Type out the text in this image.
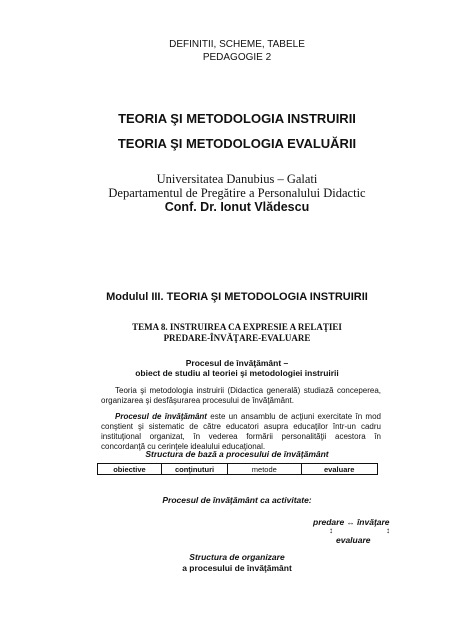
DEFINITII, SCHEME, TABELE
PEDAGOGIE 2
TEORIA ŞI METODOLOGIA INSTRUIRII
TEORIA ŞI METODOLOGIA EVALUĂRII
Universitatea Danubius – Galati
Departamentul de Pregătire a Personalului Didactic
Conf. Dr. Ionut Vlădescu
Modulul III. TEORIA ŞI METODOLOGIA INSTRUIRII
TEMA 8. INSTRUIREA CA EXPRESIE A RELAŢIEI
PREDARE-ÎNVĂŢARE-EVALUARE
Procesul de învăţământ –
obiect de studiu al teoriei şi metodologiei instruirii
Teoria şi metodologia instruirii (Didactica generală) studiază conceperea, organizarea şi desfăşurarea procesului de învăţământ.
Procesul de învăţământ este un ansamblu de acţiuni exercitate în mod conştient şi sistematic de către educatori asupra educaţilor într-un cadru instituţional organizat, în vederea formării personalităţii acestora în concordanţă cu cerinţele idealului educaţional.
Structura de bază a procesului de învăţământ
obiective	conţinuturi	metode	evaluare
Procesul de învăţământ ca activitate:
predare ↔ învăţare
↕	↕
evaluare
Structura de organizare
a procesului de învăţământ
